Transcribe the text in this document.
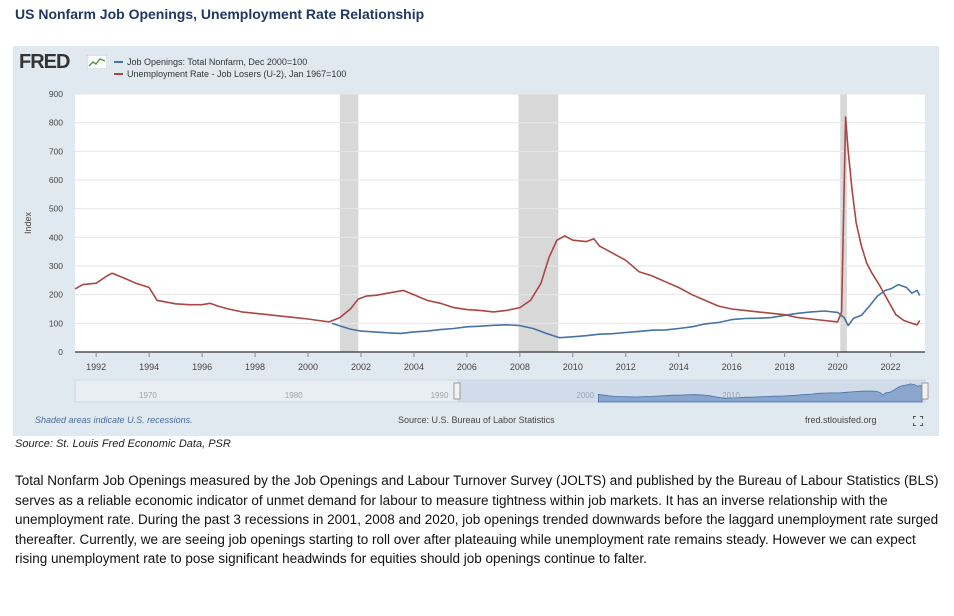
US Nonfarm Job Openings, Unemployment Rate Relationship
FRED	Job Openings: Total Nonfarm, Dec 2000=100
Unemployment Rate - Job Losers (U-2), Jan 1967=100
0
100
200
300
400
500
600
700
800
900
1992	1994	1996	1998	2000	2002	2004	2006	2008	2010	2012	2014	2016	2018	2020	2022
Index
1970	1980	1990	2000	2010
Shaded areas indicate U.S. recessions.	Source: U.S. Bureau of Labor Statistics	fred.stlouisfed.org
Source: St. Louis Fred Economic Data, PSR
Total Nonfarm Job Openings measured by the Job Openings and Labour Turnover Survey (JOLTS) and published by the Bureau of Labour Statistics (BLS) serves as a reliable economic indicator of unmet demand for labour to measure tightness within job markets. It has an inverse relationship with the unemployment rate. During the past 3 recessions in 2001, 2008 and 2020, job openings trended downwards before the laggard unemployment rate surged thereafter. Currently, we are seeing job openings starting to roll over after plateauing while unemployment rate remains steady. However we can expect rising unemployment rate to pose significant headwinds for equities should job openings continue to falter.
